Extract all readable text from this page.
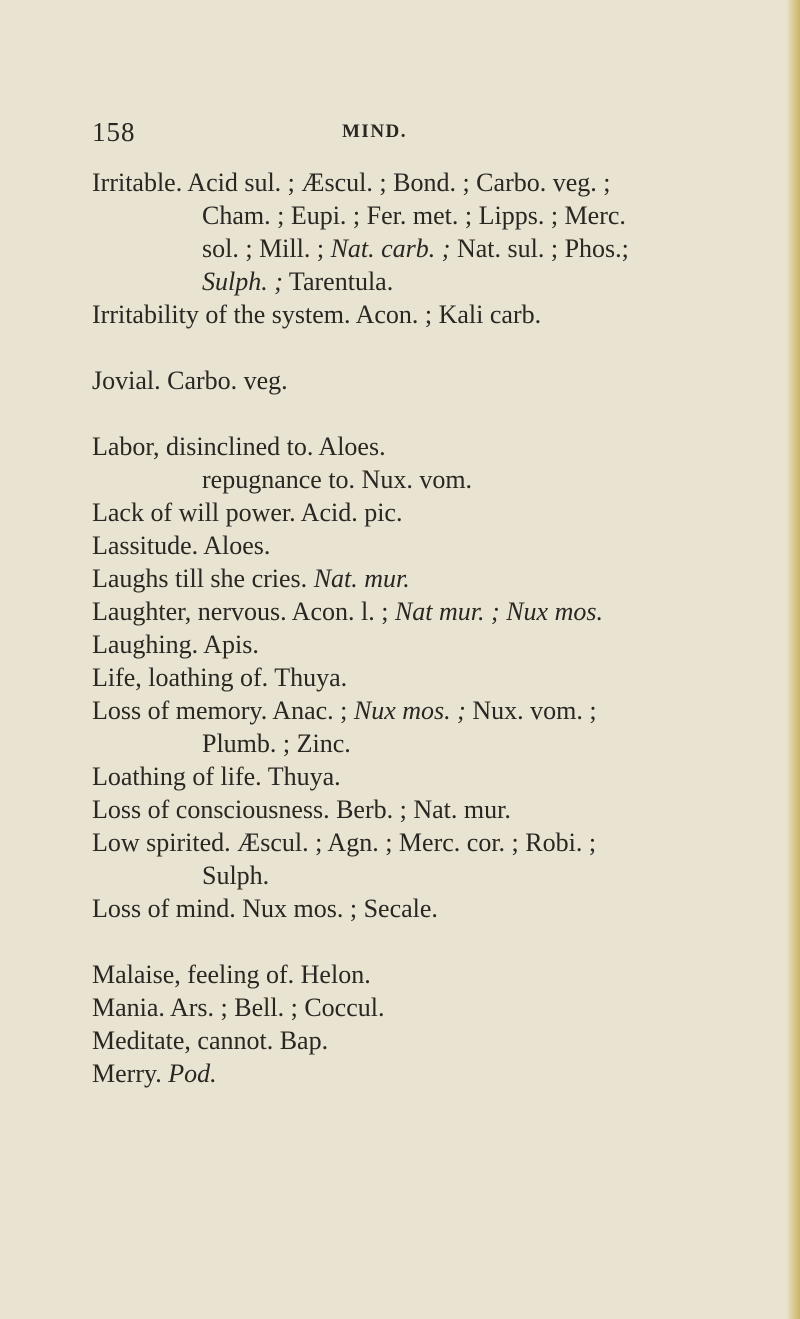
158	MIND.
Irritable. Acid sul. ; Æscul. ; Bond. ; Carbo. veg. ;
Cham. ; Eupi. ; Fer. met. ; Lipps. ; Merc.
sol. ; Mill. ; Nat. carb. ; Nat. sul. ; Phos.;
Sulph. ; Tarentula.
Irritability of the system. Acon. ; Kali carb.
Jovial. Carbo. veg.
Labor, disinclined to. Aloes.
repugnance to. Nux. vom.
Lack of will power. Acid. pic.
Lassitude. Aloes.
Laughs till she cries. Nat. mur.
Laughter, nervous. Acon. l. ; Nat mur. ; Nux mos.
Laughing. Apis.
Life, loathing of. Thuya.
Loss of memory. Anac. ; Nux mos. ; Nux. vom. ;
Plumb. ; Zinc.
Loathing of life. Thuya.
Loss of consciousness. Berb. ; Nat. mur.
Low spirited. Æscul. ; Agn. ; Merc. cor. ; Robi. ;
Sulph.
Loss of mind. Nux mos. ; Secale.
Malaise, feeling of. Helon.
Mania. Ars. ; Bell. ; Coccul.
Meditate, cannot. Bap.
Merry. Pod.
